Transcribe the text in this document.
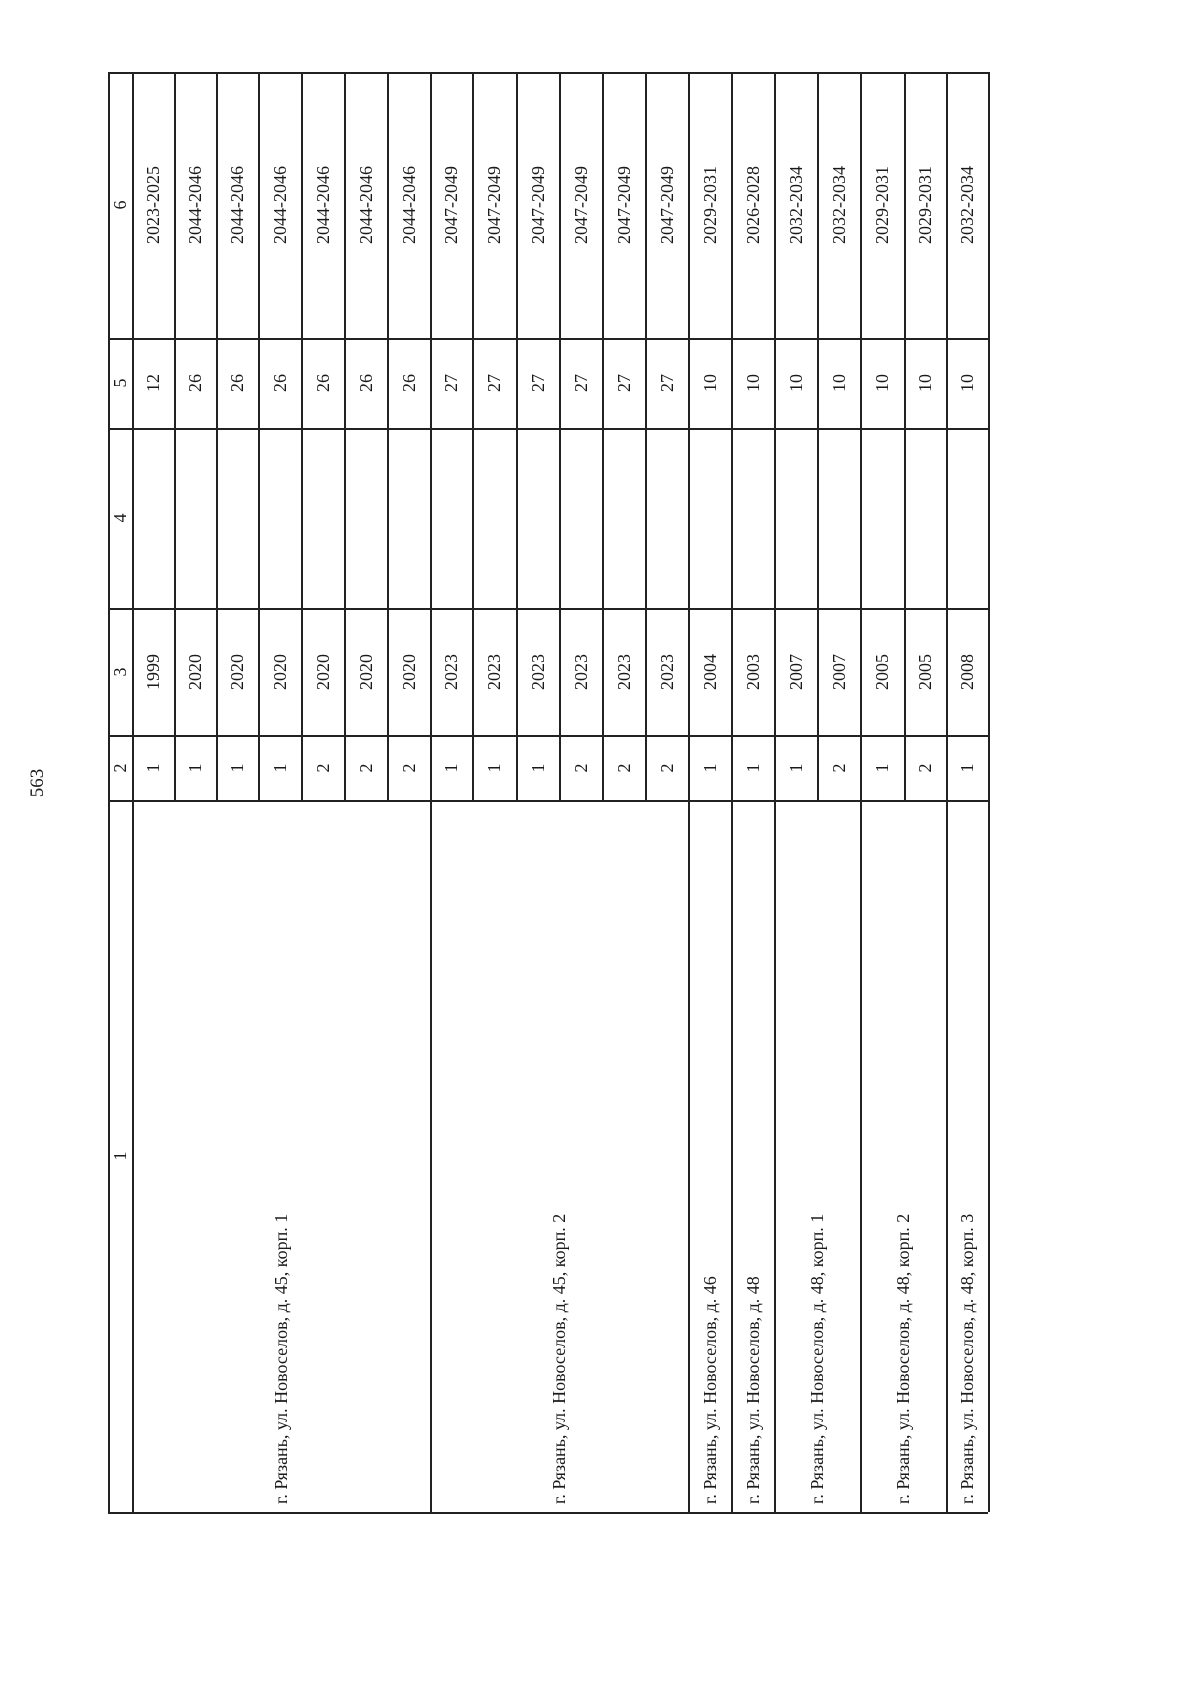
563
1
2
3
4
5
6
1
1999
12
2023-2025
1
2020
26
2044-2046
1
2020
26
2044-2046
1
2020
26
2044-2046
2
2020
26
2044-2046
2
2020
26
2044-2046
2
2020
26
2044-2046
г. Рязань, ул. Новоселов, д. 45, корп. 1
1
2023
27
2047-2049
1
2023
27
2047-2049
1
2023
27
2047-2049
2
2023
27
2047-2049
2
2023
27
2047-2049
2
2023
27
2047-2049
г. Рязань, ул. Новоселов, д. 45, корп. 2
1
2004
10
2029-2031
г. Рязань, ул. Новоселов, д. 46
1
2003
10
2026-2028
г. Рязань, ул. Новоселов, д. 48
1
2007
10
2032-2034
2
2007
10
2032-2034
г. Рязань, ул. Новоселов, д. 48, корп. 1
1
2005
10
2029-2031
2
2005
10
2029-2031
г. Рязань, ул. Новоселов, д. 48, корп. 2
1
2008
10
2032-2034
г. Рязань, ул. Новоселов, д. 48, корп. 3
